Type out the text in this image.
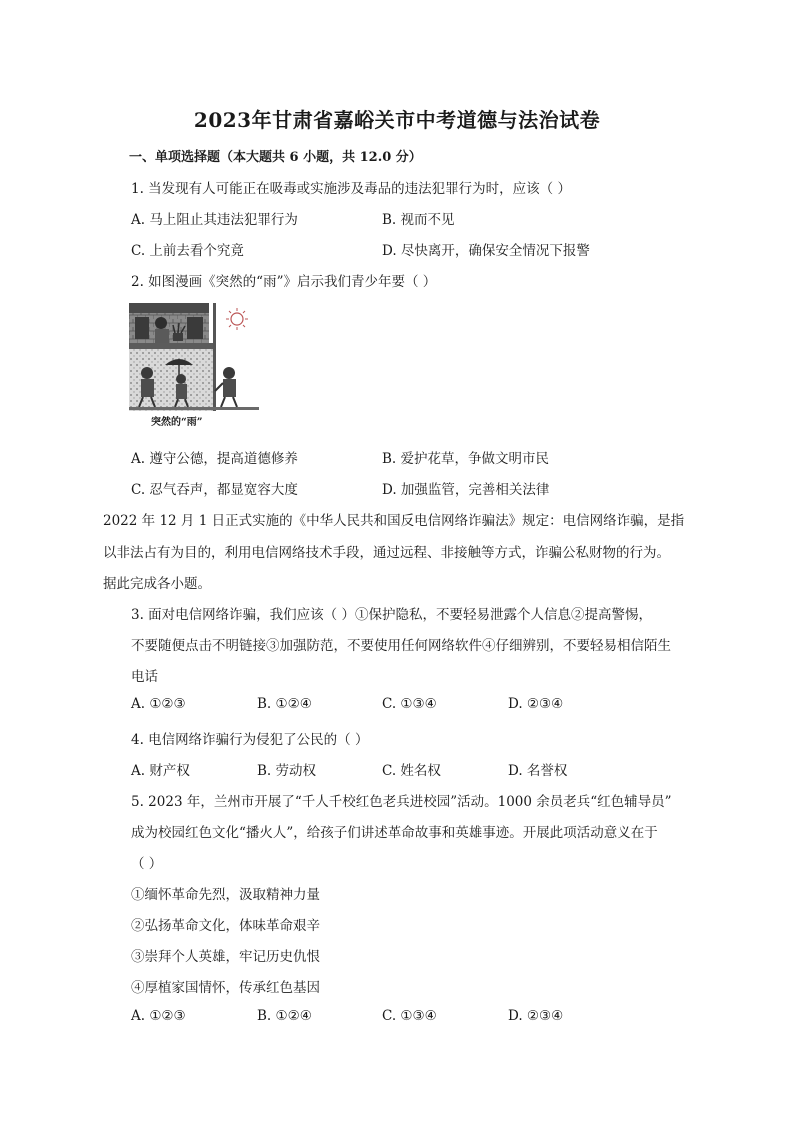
2023年甘肃省嘉峪关市中考道德与法治试卷
一、单项选择题（本大题共 6 小题，共 12.0 分）
1. 当发现有人可能正在吸毒或实施涉及毒品的违法犯罪行为时，应该（ ）
A. 马上阻止其违法犯罪行为	B. 视而不见
C. 上前去看个究竟	D. 尽快离开，确保安全情况下报警
2. 如图漫画《突然的“雨”》启示我们青少年要（ ）
突然的“雨”
A. 遵守公德，提高道德修养	B. 爱护花草，争做文明市民
C. 忍气吞声，都显宽容大度	D. 加强监管，完善相关法律
2022 年 12 月 1 日正式实施的《中华人民共和国反电信网络诈骗法》规定：电信网络诈骗，是指
以非法占有为目的，利用电信网络技术手段，通过远程、非接触等方式，诈骗公私财物的行为。
据此完成各小题。
3. 面对电信网络诈骗，我们应该（ ）①保护隐私，不要轻易泄露个人信息②提高警惕，
不要随便点击不明链接③加强防范，不要使用任何网络软件④仔细辨别，不要轻易相信陌生
电话
A. ①②③	B. ①②④	C. ①③④	D. ②③④
4. 电信网络诈骗行为侵犯了公民的（ ）
A. 财产权	B. 劳动权	C. 姓名权	D. 名誉权
5. 2023 年，兰州市开展了“千人千校红色老兵进校园”活动。1000 余员老兵“红色辅导员”
成为校园红色文化“播火人”，给孩子们讲述革命故事和英雄事迹。开展此项活动意义在于
（ ）
①缅怀革命先烈，汲取精神力量
②弘扬革命文化，体味革命艰辛
③崇拜个人英雄，牢记历史仇恨
④厚植家国情怀，传承红色基因
A. ①②③	B. ①②④	C. ①③④	D. ②③④
